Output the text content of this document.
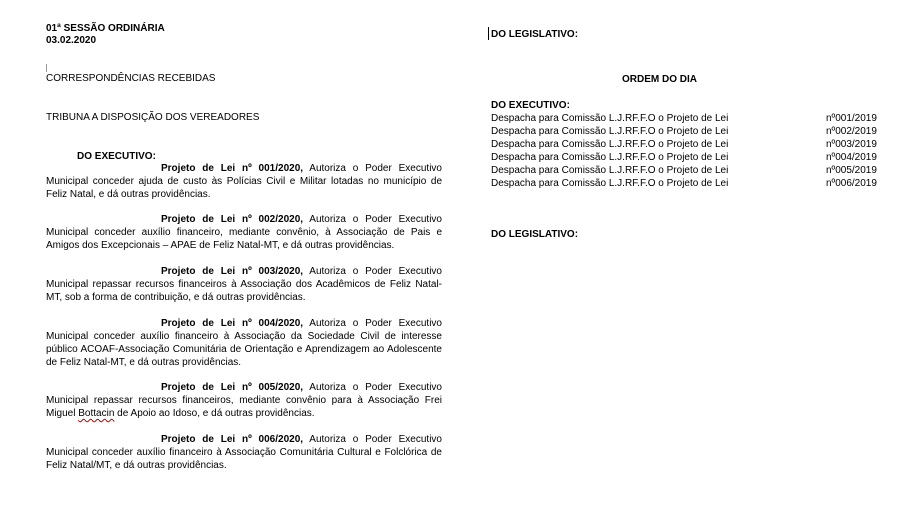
01ª SESSÃO ORDINÁRIA
03.02.2020
CORRESPONDÊNCIAS RECEBIDAS
TRIBUNA A DISPOSIÇÃO DOS VEREADORES
DO EXECUTIVO:
Projeto de Lei nº 001/2020, Autoriza o Poder Executivo Municipal conceder ajuda de custo às Polícias Civil e Militar lotadas no município de Feliz Natal, e dá outras providências.
Projeto de Lei nº 002/2020, Autoriza o Poder Executivo Municipal conceder auxílio financeiro, mediante convênio, à Associação de Pais e Amigos dos Excepcionais – APAE de Feliz Natal-MT, e dá outras providências.
Projeto de Lei nº 003/2020, Autoriza o Poder Executivo Municipal repassar recursos financeiros à Associação dos Acadêmicos de Feliz Natal-MT, sob a forma de contribuição, e dá outras providências.
Projeto de Lei nº 004/2020, Autoriza o Poder Executivo Municipal conceder auxílio financeiro à Associação da Sociedade Civil de interesse público ACOAF-Associação Comunitária de Orientação e Aprendizagem ao Adolescente de Feliz Natal-MT, e dá outras providências.
Projeto de Lei nº 005/2020, Autoriza o Poder Executivo Municipal repassar recursos financeiros, mediante convênio para à Associação Frei Miguel Bottacin de Apoio ao Idoso, e dá outras providências.
Projeto de Lei nº 006/2020, Autoriza o Poder Executivo Municipal conceder auxílio financeiro à Associação Comunitária Cultural e Folclórica de Feliz Natal/MT, e dá outras providências.
DO LEGISLATIVO:
ORDEM DO DIA
DO EXECUTIVO:
Despacha para Comissão L.J.RF.F.O o Projeto de Lei	nº001/2019
Despacha para Comissão L.J.RF.F.O o Projeto de Lei	nº002/2019
Despacha para Comissão L.J.RF.F.O o Projeto de Lei	nº003/2019
Despacha para Comissão L.J.RF.F.O o Projeto de Lei	nº004/2019
Despacha para Comissão L.J.RF.F.O o Projeto de Lei	nº005/2019
Despacha para Comissão L.J.RF.F.O o Projeto de Lei	nº006/2019
DO LEGISLATIVO:
